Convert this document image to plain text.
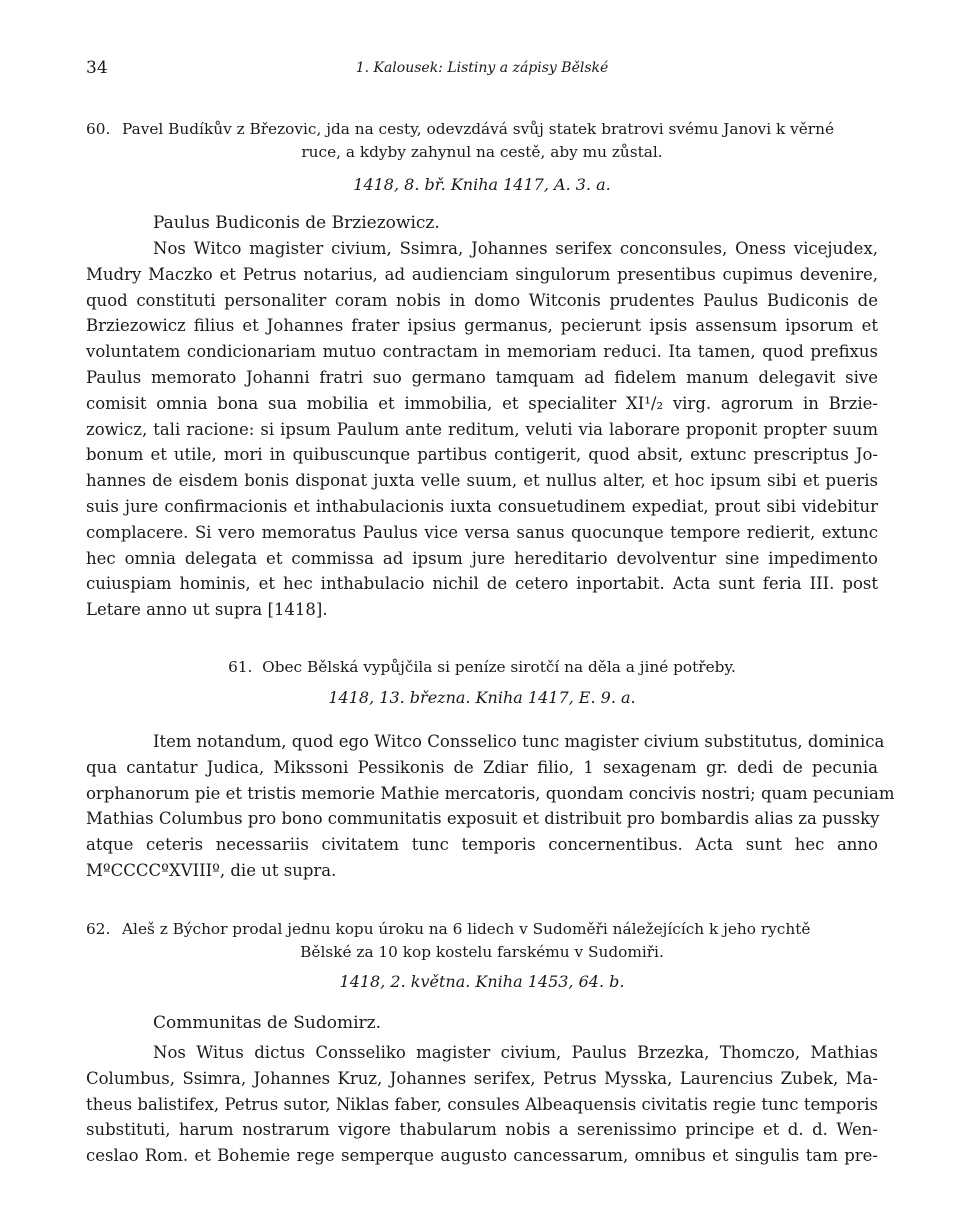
34	1. Kalousek: Listiny a zápisy Bělské
60. Pavel Budíkův z Březovic, jda na cesty, odevzdává svůj statek bratrovi svému Janovi k věrné
ruce, a kdyby zahynul na cestě, aby mu zůstal.
1418, 8. bř. Kniha 1417, A. 3. a.
Paulus Budiconis de Brziezowicz.
Nos Witco magister civium, Ssimra, Johannes serifex conconsules, Oness vicejudex,
Mudry Maczko et Petrus notarius, ad audienciam singulorum presentibus cupimus devenire,
quod constituti personaliter coram nobis in domo Witconis prudentes Paulus Budiconis de
Brziezowicz filius et Johannes frater ipsius germanus, pecierunt ipsis assensum ipsorum et
voluntatem condicionariam mutuo contractam in memoriam reduci. Ita tamen, quod prefixus
Paulus memorato Johanni fratri suo germano tamquam ad fidelem manum delegavit sive
comisit omnia bona sua mobilia et immobilia, et specialiter XI¹/₂ virg. agrorum in Brzie-
zowicz, tali racione: si ipsum Paulum ante reditum, veluti via laborare proponit propter suum
bonum et utile, mori in quibuscunque partibus contigerit, quod absit, extunc prescriptus Jo-
hannes de eisdem bonis disponat juxta velle suum, et nullus alter, et hoc ipsum sibi et pueris
suis jure confirmacionis et inthabulacionis iuxta consuetudinem expediat, prout sibi videbitur
complacere. Si vero memoratus Paulus vice versa sanus quocunque tempore redierit, extunc
hec omnia delegata et commissa ad ipsum jure hereditario devolventur sine impedimento
cuiuspiam hominis, et hec inthabulacio nichil de cetero inportabit. Acta sunt feria III. post
Letare anno ut supra [1418].
61. Obec Bělská vypůjčila si peníze sirotčí na děla a jiné potřeby.
1418, 13. března. Kniha 1417, E. 9. a.
Item notandum, quod ego Witco Consselico tunc magister civium substitutus, dominica
qua cantatur Judica, Mikssoni Pessikonis de Zdiar filio, 1 sexagenam gr. dedi de pecunia
orphanorum pie et tristis memorie Mathie mercatoris, quondam concivis nostri; quam pecuniam
Mathias Columbus pro bono communitatis exposuit et distribuit pro bombardis alias za pussky
atque ceteris necessariis civitatem tunc temporis concernentibus. Acta sunt hec anno
MºCCCCºXVIIIº, die ut supra.
62. Aleš z Býchor prodal jednu kopu úroku na 6 lidech v Sudoměři náležejících k jeho rychtě
Bělské za 10 kop kostelu farskému v Sudomiři.
1418, 2. května. Kniha 1453, 64. b.
Communitas de Sudomirz.
Nos Witus dictus Consseliko magister civium, Paulus Brzezka, Thomczo, Mathias
Columbus, Ssimra, Johannes Kruz, Johannes serifex, Petrus Mysska, Laurencius Zubek, Ma-
theus balistifex, Petrus sutor, Niklas faber, consules Albeaquensis civitatis regie tunc temporis
substituti, harum nostrarum vigore thabularum nobis a serenissimo principe et d. d. Wen-
ceslao Rom. et Bohemie rege semperque augusto cancessarum, omnibus et singulis tam pre-
